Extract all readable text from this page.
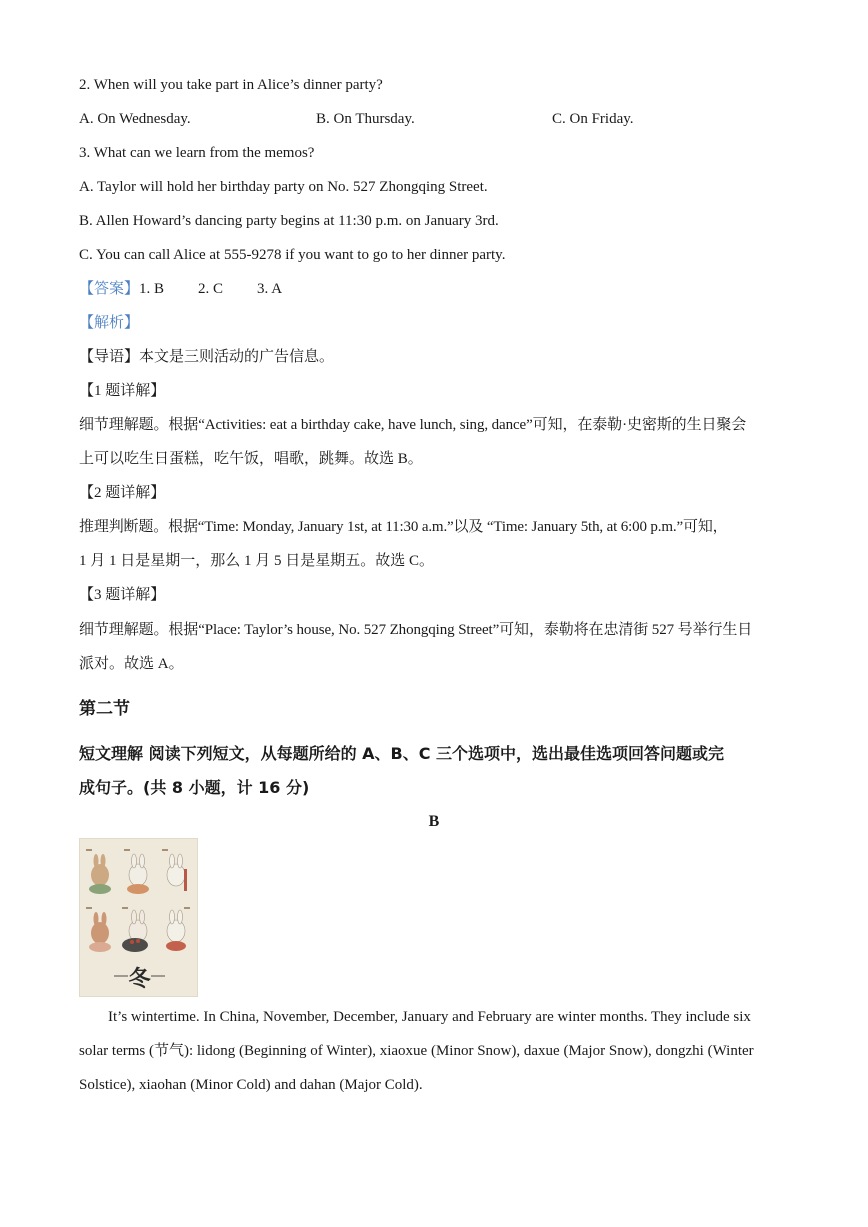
2. When will you take part in Alice’s dinner party?
A. On Wednesday.	B. On Thursday.	C. On Friday.
3. What can we learn from the memos?
A. Taylor will hold her birthday party on No. 527 Zhongqing Street.
B. Allen Howard’s dancing party begins at 11:30 p.m. on January 3rd.
C. You can call Alice at 555-9278 if you want to go to her dinner party.
【答案】1. B 2. C 3. A
【解析】
【导语】本文是三则活动的广告信息。
【1 题详解】
细节理解题。根据“Activities: eat a birthday cake, have lunch, sing, dance”可知，在泰勒·史密斯的生日聚会
上可以吃生日蛋糕，吃午饭，唱歌，跳舞。故选 B。
【2 题详解】
推理判断题。根据“Time: Monday, January 1st, at 11:30 a.m.”以及 “Time: January 5th, at 6:00 p.m.”可知，
1 月 1 日是星期一，那么 1 月 5 日是星期五。故选 C。
【3 题详解】
细节理解题。根据“Place: Taylor’s house, No. 527 Zhongqing Street”可知，泰勒将在忠清街 527 号举行生日
派对。故选 A。
第二节
短文理解 阅读下列短文，从每题所给的 A、B、C 三个选项中，选出最佳选项回答问题或完
成句子。(共 8 小题，计 16 分)
B
冬
It’s wintertime. In China, November, December, January and February are winter months. They include six
solar terms (节气): lidong (Beginning of Winter), xiaoxue (Minor Snow), daxue (Major Snow), dongzhi (Winter
Solstice), xiaohan (Minor Cold) and dahan (Major Cold).
